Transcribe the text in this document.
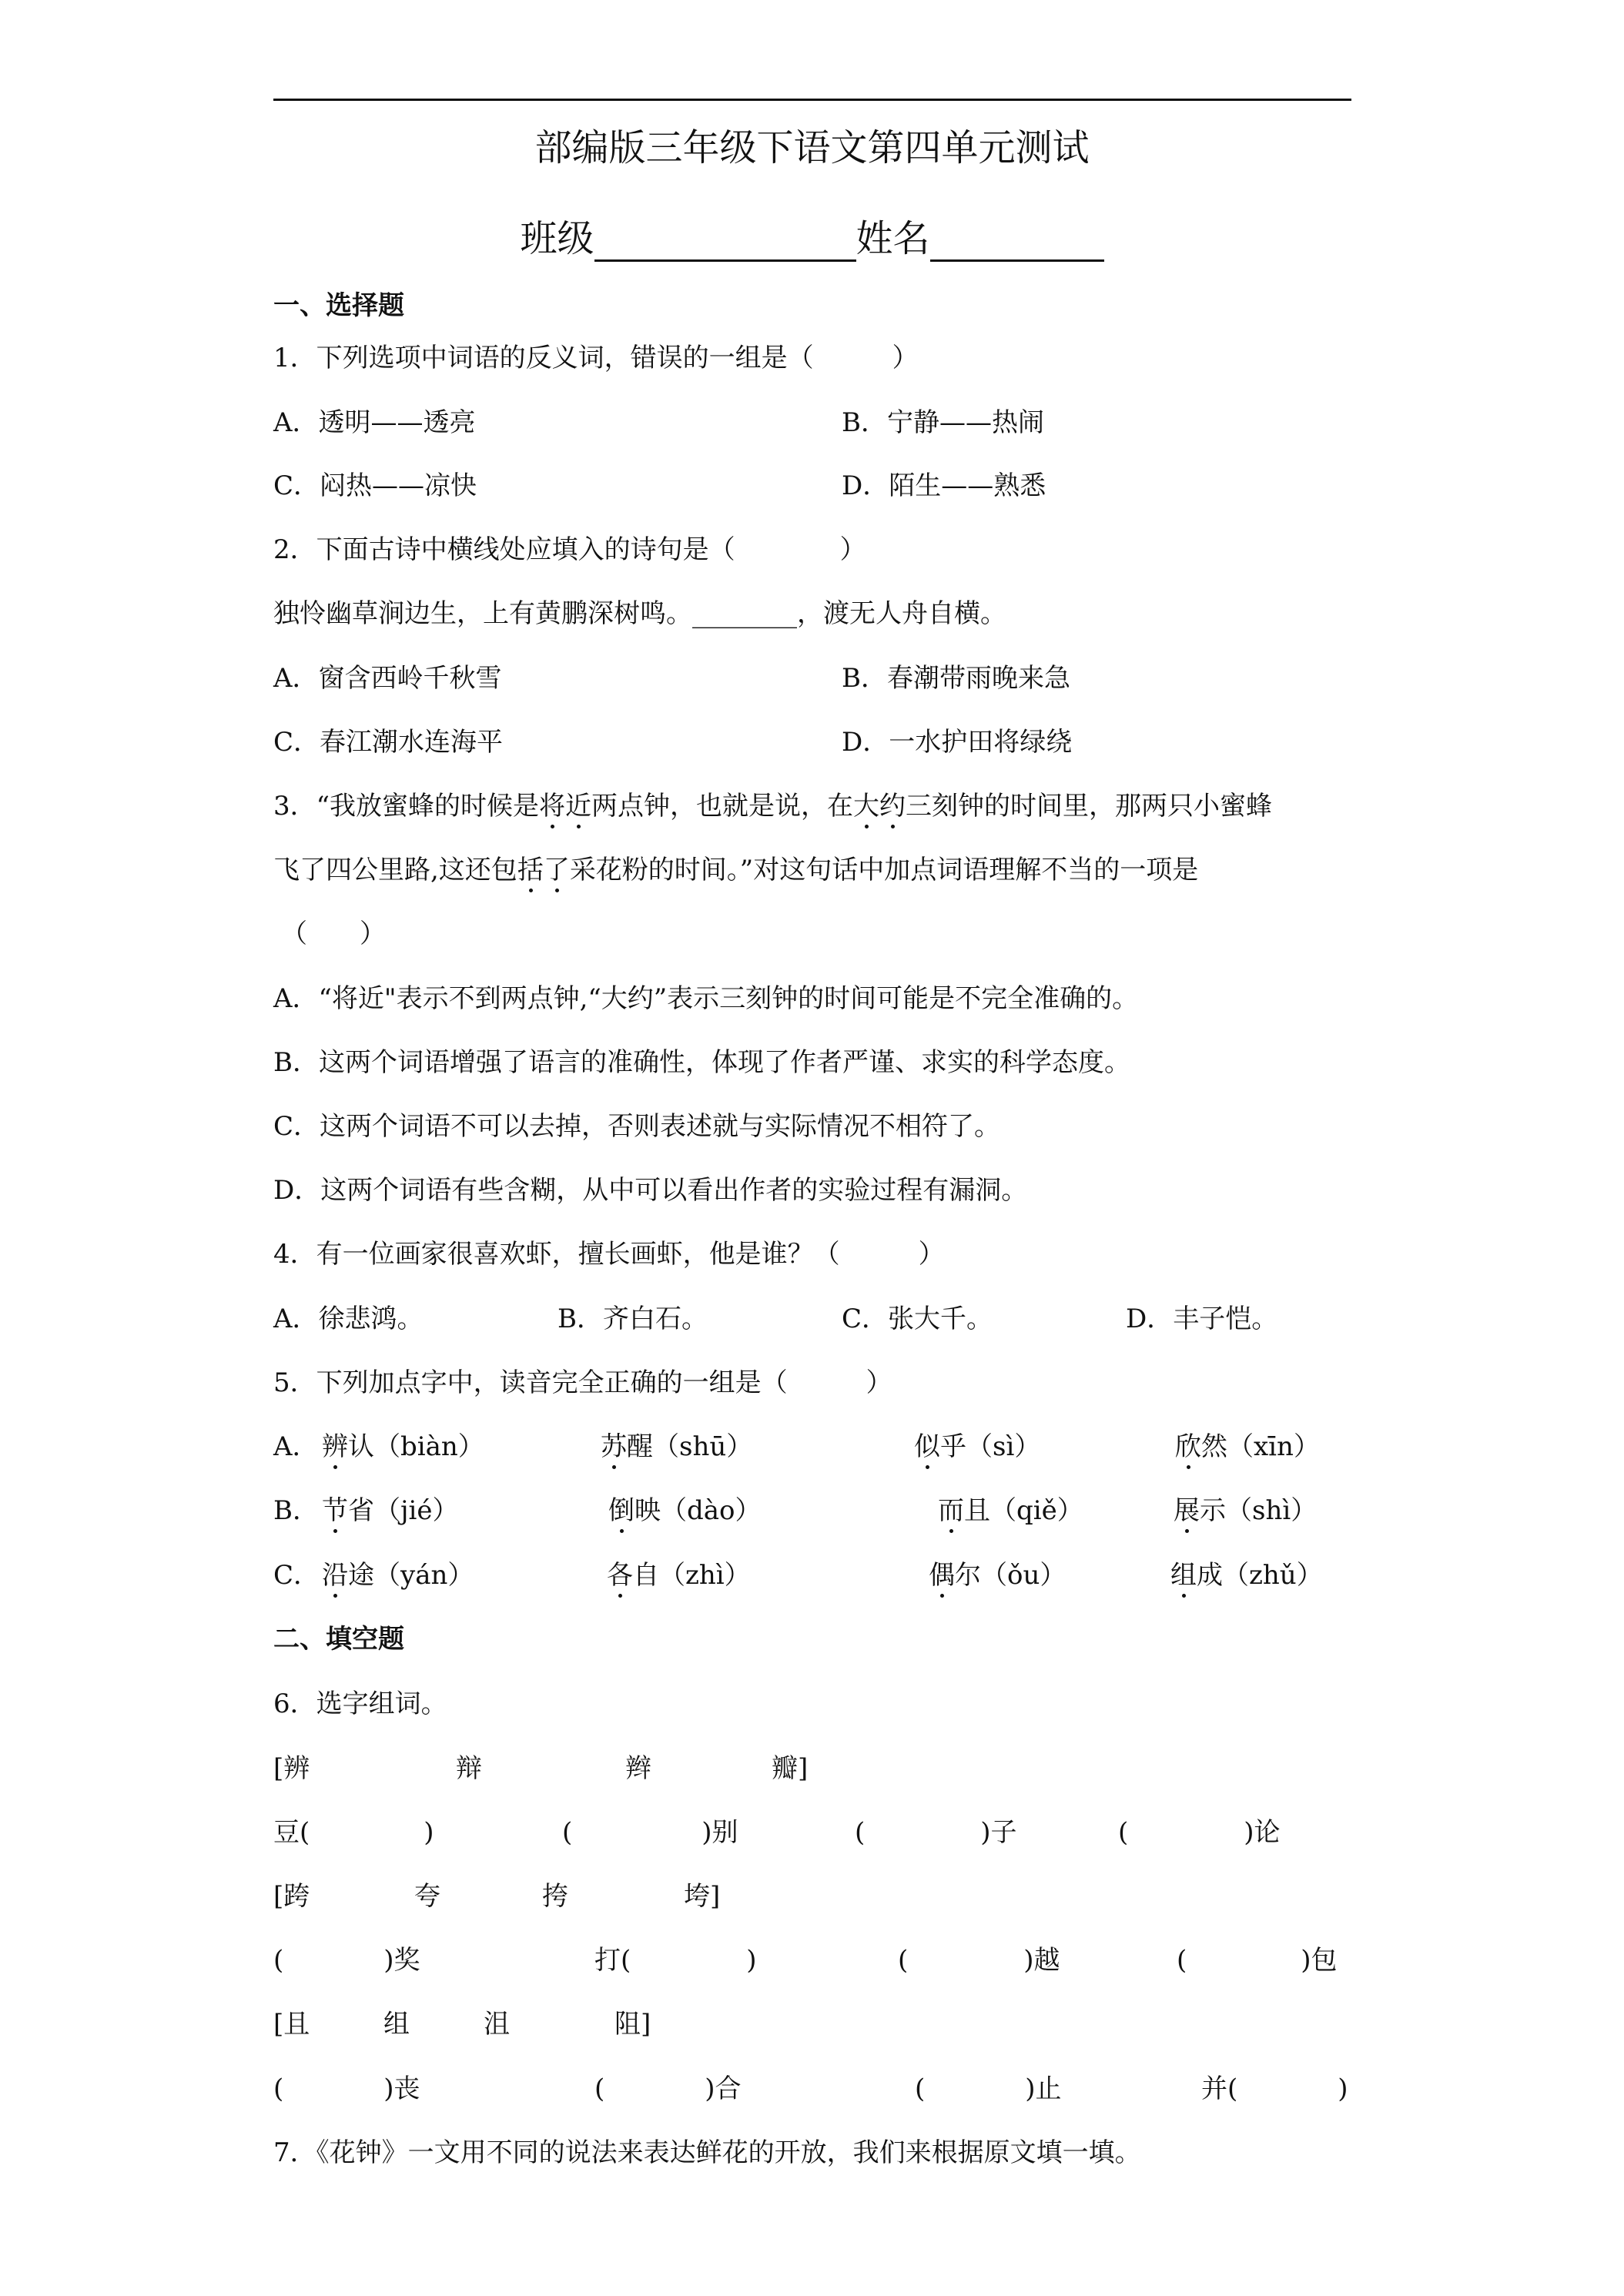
部编版三年级下语文第四单元测试
班级	姓名
一、选择题
1．下列选项中词语的反义词，错误的一组是（　　　）
A．透明——透亮	B．宁静——热闹
C．闷热——凉快	D．陌生——熟悉
2．下面古诗中横线处应填入的诗句是（　　　　）
独怜幽草涧边生，上有黄鹏深树鸣。________，渡无人舟自横。
A．窗含西岭千秋雪	B．春潮带雨晚来急
C．春江潮水连海平	D．一水护田将绿绕
3．“我放蜜蜂的时候是将近两点钟，也就是说，在大约三刻钟的时间里，那两只小蜜蜂
飞了四公里路,这还包括了采花粉的时间。”对这句话中加点词语理解不当的一项是
（　　）
A．“将近"表示不到两点钟,“大约”表示三刻钟的时间可能是不完全准确的。
B．这两个词语增强了语言的准确性，体现了作者严谨、求实的科学态度。
C．这两个词语不可以去掉，否则表述就与实际情况不相符了。
D．这两个词语有些含糊，从中可以看出作者的实验过程有漏洞。
4．有一位画家很喜欢虾，擅长画虾，他是谁？（　　　）
A．徐悲鸿。	B．齐白石。	C．张大千。	D．丰子恺。
5．下列加点字中，读音完全正确的一组是（　　　）
A． 辨认（biàn）	苏醒（shū）	似乎（sì）	欣然（xīn）
B． 节省（jié）	倒映（dào）	而且（qiě）	展示（shì）
C． 沿途（yán）	各自（zhì）	偶尔（ǒu）	组成（zhǔ）
二、填空题
6．选字组词。
[辨	辩	辫	瓣]
豆(	)	(	)别	(	)子	(	)论
[跨	夸	挎	垮]
(	)奖	打(	)	(	)越	(	)包
[且	组	沮	阻]
(	)丧	(	)合	(	)止	并(	)
7．《花钟》一文用不同的说法来表达鲜花的开放，我们来根据原文填一填。
